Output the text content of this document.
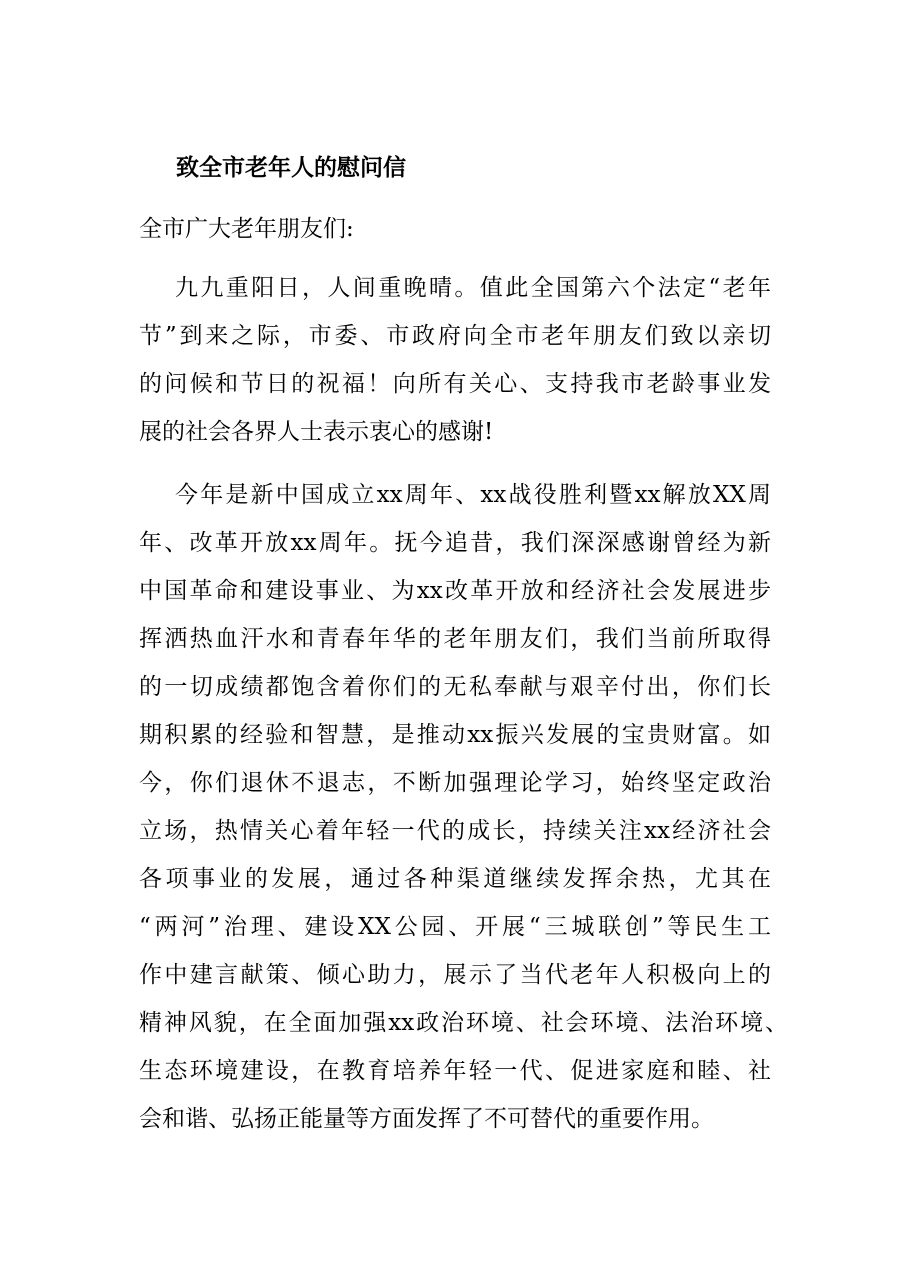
致全市老年人的慰问信

全市广大老年朋友们:

九九重阳日，人间重晚晴。值此全国第六个法定“老年
节”到来之际，市委、市政府向全市老年朋友们致以亲切
的问候和节日的祝福！向所有关心、支持我市老龄事业发
展的社会各界人士表示衷心的感谢!
今年是新中国成立xx周年、xx战役胜利暨xx解放XX周
年、改革开放xx周年。抚今追昔，我们深深感谢曾经为新
中国革命和建设事业、为xx改革开放和经济社会发展进步
挥洒热血汗水和青春年华的老年朋友们，我们当前所取得
的一切成绩都饱含着你们的无私奉献与艰辛付出，你们长
期积累的经验和智慧，是推动xx振兴发展的宝贵财富。如
今，你们退休不退志，不断加强理论学习，始终坚定政治
立场，热情关心着年轻一代的成长，持续关注xx经济社会
各项事业的发展，通过各种渠道继续发挥余热，尤其在
“两河”治理、建设XX公园、开展“三城联创”等民生工
作中建言献策、倾心助力，展示了当代老年人积极向上的
精神风貌，在全面加强xx政治环境、社会环境、法治环境、
生态环境建设，在教育培养年轻一代、促进家庭和睦、社
会和谐、弘扬正能量等方面发挥了不可替代的重要作用。
